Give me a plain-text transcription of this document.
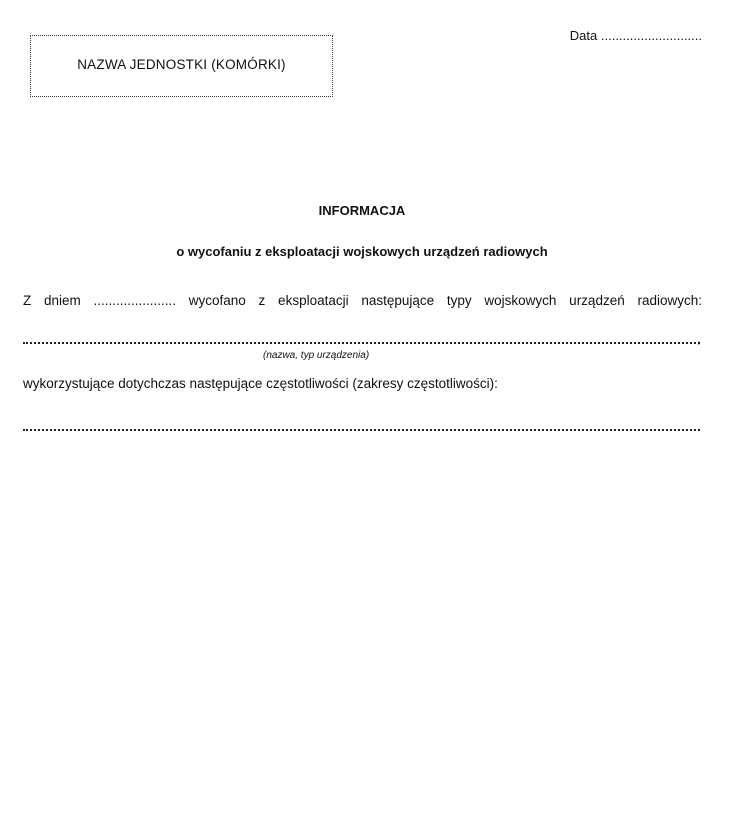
Data ............................
NAZWA JEDNOSTKI (KOMÓRKI)
INFORMACJA
o wycofaniu z eksploatacji wojskowych urządzeń radiowych
Z dniem ...................... wycofano z eksploatacji następujące typy wojskowych urządzeń radiowych:
,
(nazwa, typ urządzenia)
wykorzystujące dotychczas następujące częstotliwości (zakresy częstotliwości):
